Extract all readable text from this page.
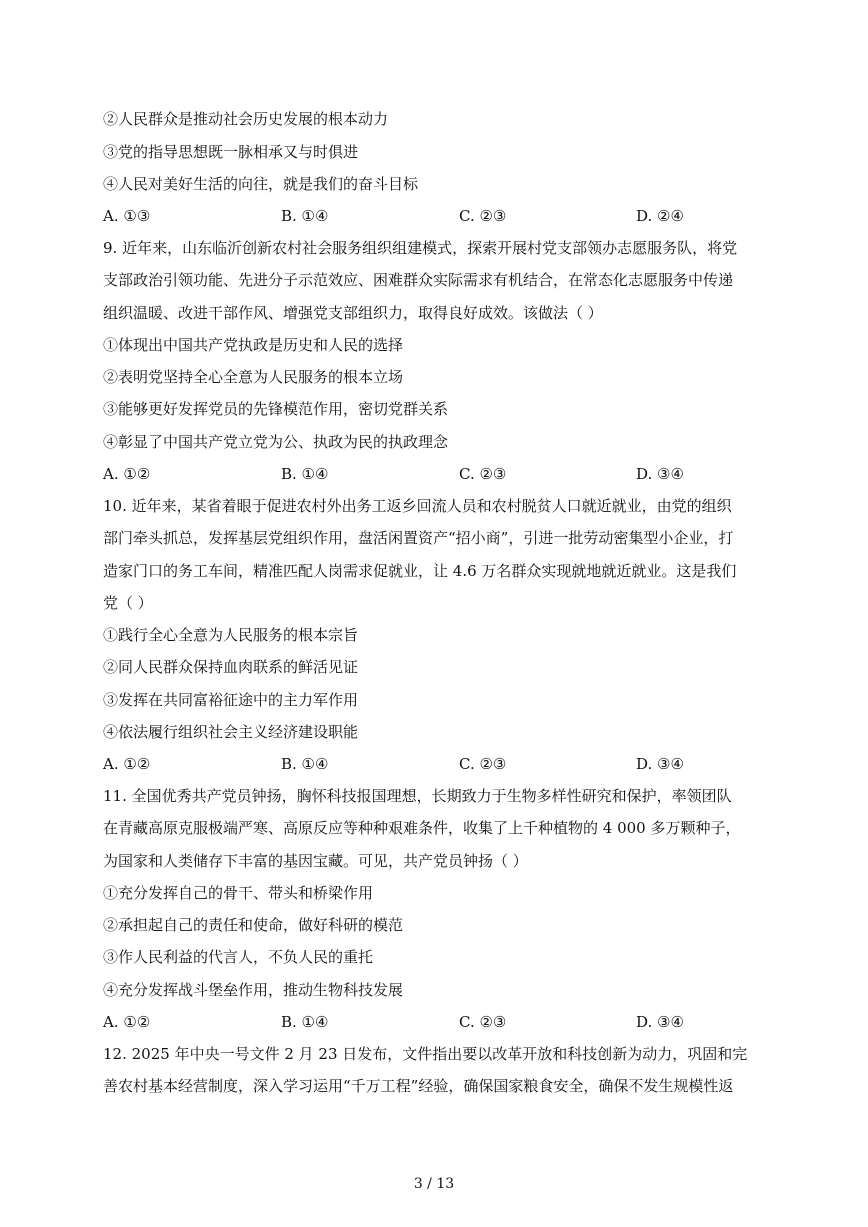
②人民群众是推动社会历史发展的根本动力
③党的指导思想既一脉相承又与时俱进
④人民对美好生活的向往，就是我们的奋斗目标
A. ①③	B. ①④	C. ②③	D. ②④
9. 近年来，山东临沂创新农村社会服务组织组建模式，探索开展村党支部领办志愿服务队，将党
支部政治引领功能、先进分子示范效应、困难群众实际需求有机结合，在常态化志愿服务中传递
组织温暖、改进干部作风、增强党支部组织力，取得良好成效。该做法（ ）
①体现出中国共产党执政是历史和人民的选择
②表明党坚持全心全意为人民服务的根本立场
③能够更好发挥党员的先锋模范作用，密切党群关系
④彰显了中国共产党立党为公、执政为民的执政理念
A. ①②	B. ①④	C. ②③	D. ③④
10. 近年来，某省着眼于促进农村外出务工返乡回流人员和农村脱贫人口就近就业，由党的组织
部门牵头抓总，发挥基层党组织作用，盘活闲置资产“招小商”，引进一批劳动密集型小企业，打
造家门口的务工车间，精准匹配人岗需求促就业，让 4.6 万名群众实现就地就近就业。这是我们
党（ ）
①践行全心全意为人民服务的根本宗旨
②同人民群众保持血肉联系的鲜活见证
③发挥在共同富裕征途中的主力军作用
④依法履行组织社会主义经济建设职能
A. ①②	B. ①④	C. ②③	D. ③④
11. 全国优秀共产党员钟扬，胸怀科技报国理想，长期致力于生物多样性研究和保护，率领团队
在青藏高原克服极端严寒、高原反应等种种艰难条件，收集了上千种植物的 4 000 多万颗种子，
为国家和人类储存下丰富的基因宝藏。可见，共产党员钟扬（ ）
①充分发挥自己的骨干、带头和桥梁作用
②承担起自己的责任和使命，做好科研的模范
③作人民利益的代言人，不负人民的重托
④充分发挥战斗堡垒作用，推动生物科技发展
A. ①②	B. ①④	C. ②③	D. ③④
12. 2025 年中央一号文件 2 月 23 日发布，文件指出要以改革开放和科技创新为动力，巩固和完
善农村基本经营制度，深入学习运用“千万工程”经验，确保国家粮食安全，确保不发生规模性返
3 / 13
